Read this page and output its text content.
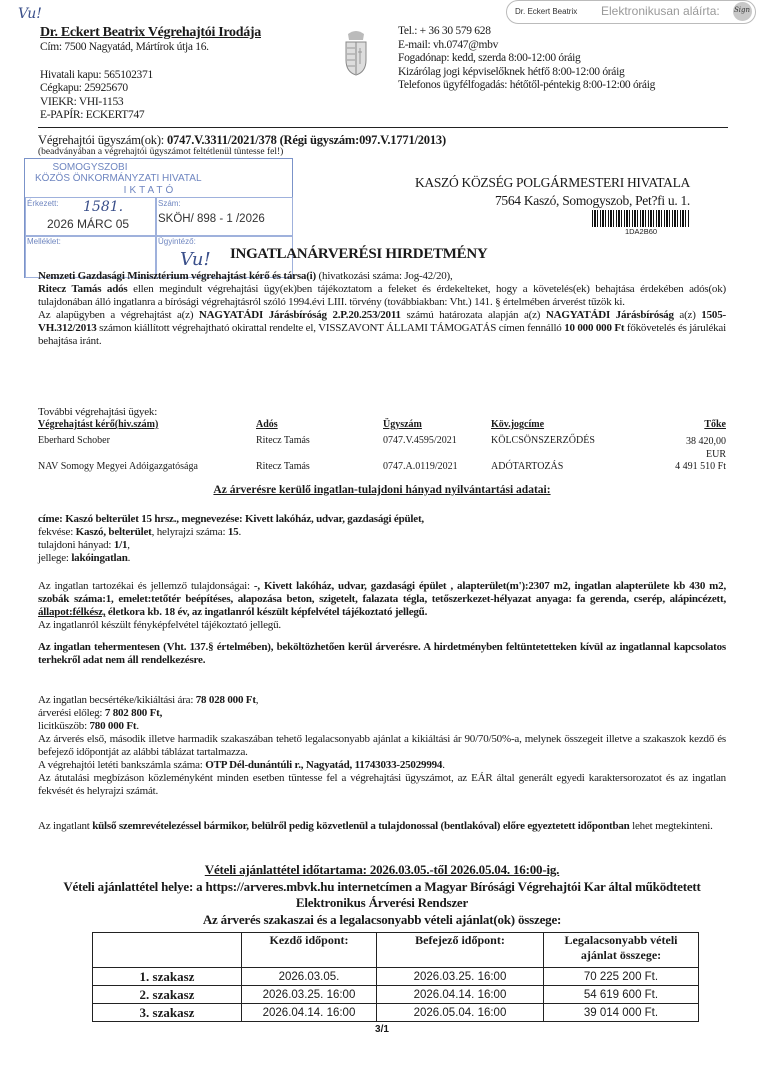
Vu!
Dr. Eckert Beatrix Végrehajtói Irodája
Cím: 7500 Nagyatád, Mártírok útja 16.
Hivatali kapu: 565102371
Cégkapu: 25925670
VIEKR: VHI-1153
E-PAPÍR: ECKERT747
Tel.: + 36 30 579 628
E-mail: vh.0747@mbv
Fogadónap: kedd, szerda 8:00-12:00 óráig
Kizárólag jogi képviselőknek hétfő 8:00-12:00 óráig
Telefonos ügyfélfogadás: hétőtől-péntekig 8:00-12:00 óráig
Dr. Eckert Beatrix Elektronikusan aláírta: Sign
Végrehajtói ügyszám(ok): 0747.V.3311/2021/378 (Régi ügyszám:097.V.1771/2013)
(beadványában a végrehajtói ügyszámot feltétlenül tüntesse fel!)
SOMOGYSZOBI
KÖZÖS ÖNKORMÁNYZATI HIVATAL
IKTATÓ
Érkezett: 1581.
2026 MÁRC 05
Szám:
SKÖH/ 898 - 1 /2026
Melléklet:	Ügyintéző:
Vu!
KASZÓ KÖZSÉG POLGÁRMESTERI HIVATALA
7564 Kaszó, Somogyszob, Pet?fi u. 1.
1DA2B60
INGATLANÁRVERÉSI HIRDETMÉNY

Nemzeti Gazdasági Minisztérium végrehajtást kérő és társa(i) (hivatkozási száma: Jog-42/20),

Ritecz Tamás adós ellen megindult végrehajtási ügy(ek)ben tájékoztatom a feleket és érdekelteket, hogy a követelés(ek) behajtása érdekében adós(ok) tulajdonában álló ingatlanra a bírósági végrehajtásról szóló 1994.évi LIII. törvény (továbbiakban: Vht.) 141. § értelmében árverést tűzök ki.

Az alapügyben a végrehajtást a(z) NAGYATÁDI Járásbíróság 2.P.20.253/2011 számú határozata alapján a(z) NAGYATÁDI Járásbíróság a(z) 1505-VH.312/2013 számon kiállított végrehajtható okirattal rendelte el, VISSZAVONT ÁLLAMI TÁMOGATÁS címen fennálló 10 000 000 Ft főkövetelés és járulékai behajtása iránt.

További végrehajtási ügyek:
Végrehajtást kérő(hiv.szám)	Adós	Ügyszám	Köv.jogcíme	Tőke
Eberhard Schober	Ritecz Tamás	0747.V.4595/2021	KÖLCSÖNSZERZŐDÉS	38 420,00 EUR
NAV Somogy Megyei Adóigazgatósága	Ritecz Tamás	0747.A.0119/2021	ADÓTARTOZÁS	4 491 510 Ft
Az árverésre kerülő ingatlan-tulajdoni hányad nyilvántartási adatai:

címe: Kaszó belterület 15 hrsz., megnevezése: Kivett lakóház, udvar, gazdasági épület,

fekvése: Kaszó, belterület, helyrajzi száma: 15.

tulajdoni hányad: 1/1,

jellege: lakóingatlan.

Az ingatlan tartozékai és jellemző tulajdonságai: -, Kivett lakóház, udvar, gazdasági épület , alapterület(m'):2307 m2, ingatlan alapterülete kb 430 m2, szobák száma:1, emelet:tetőtér beépítéses, alapozása beton, szigetelt, falazata tégla, tetőszerkezet-hélyazat anyaga: fa gerenda, cserép, alápincézett, állapot:félkész, életkora kb. 18 év, az ingatlanról készült képfelvétel tájékoztató jellegű.

Az ingatlanról készült fényképfelvétel tájékoztató jellegű.

Az ingatlan tehermentesen (Vht. 137.§ értelmében), beköltözhetően kerül árverésre. A hirdetményben feltüntetetteken kívül az ingatlannal kapcsolatos terhekről adat nem áll rendelkezésre.

Az ingatlan becsértéke/kikiáltási ára: 78 028 000 Ft,

árverési előleg: 7 802 800 Ft,

licitküszöb: 780 000 Ft.

Az árverés első, második illetve harmadik szakaszában tehető legalacsonyabb ajánlat a kikiáltási ár 90/70/50%-a, melynek összegeit illetve a szakaszok kezdő és befejező időpontját az alábbi táblázat tartalmazza.

A végrehajtói letéti bankszámla száma: OTP Dél-dunántúli r., Nagyatád, 11743033-25029994.

Az átutalási megbízáson közleményként minden esetben tüntesse fel a végrehajtási ügyszámot, az EÁR által generált egyedi karaktersorozatot és az ingatlan fekvését és helyrajzi számát.

Az ingatlant külső szemrevételezéssel bármikor, belülről pedig közvetlenül a tulajdonossal (bentlakóval) előre egyeztetett időpontban lehet megtekinteni.
Vételi ajánlattétel időtartama: 2026.03.05.-től 2026.05.04. 16:00-ig.
Vételi ajánlattétel helye: a https://arveres.mbvk.hu internetcímen a Magyar Bírósági Végrehajtói Kar által működtetett Elektronikus Árverési Rendszer
Az árverés szakaszai és a legalacsonyabb vételi ajánlat(ok) összege:
	Kezdő időpont:	Befejező időpont:	Legalacsonyabb vételi ajánlat összege:
1. szakasz	2026.03.05.	2026.03.25. 16:00	70 225 200 Ft.
2. szakasz	2026.03.25. 16:00	2026.04.14. 16:00	54 619 600 Ft.
3. szakasz	2026.04.14. 16:00	2026.05.04. 16:00	39 014 000 Ft.
3/1
